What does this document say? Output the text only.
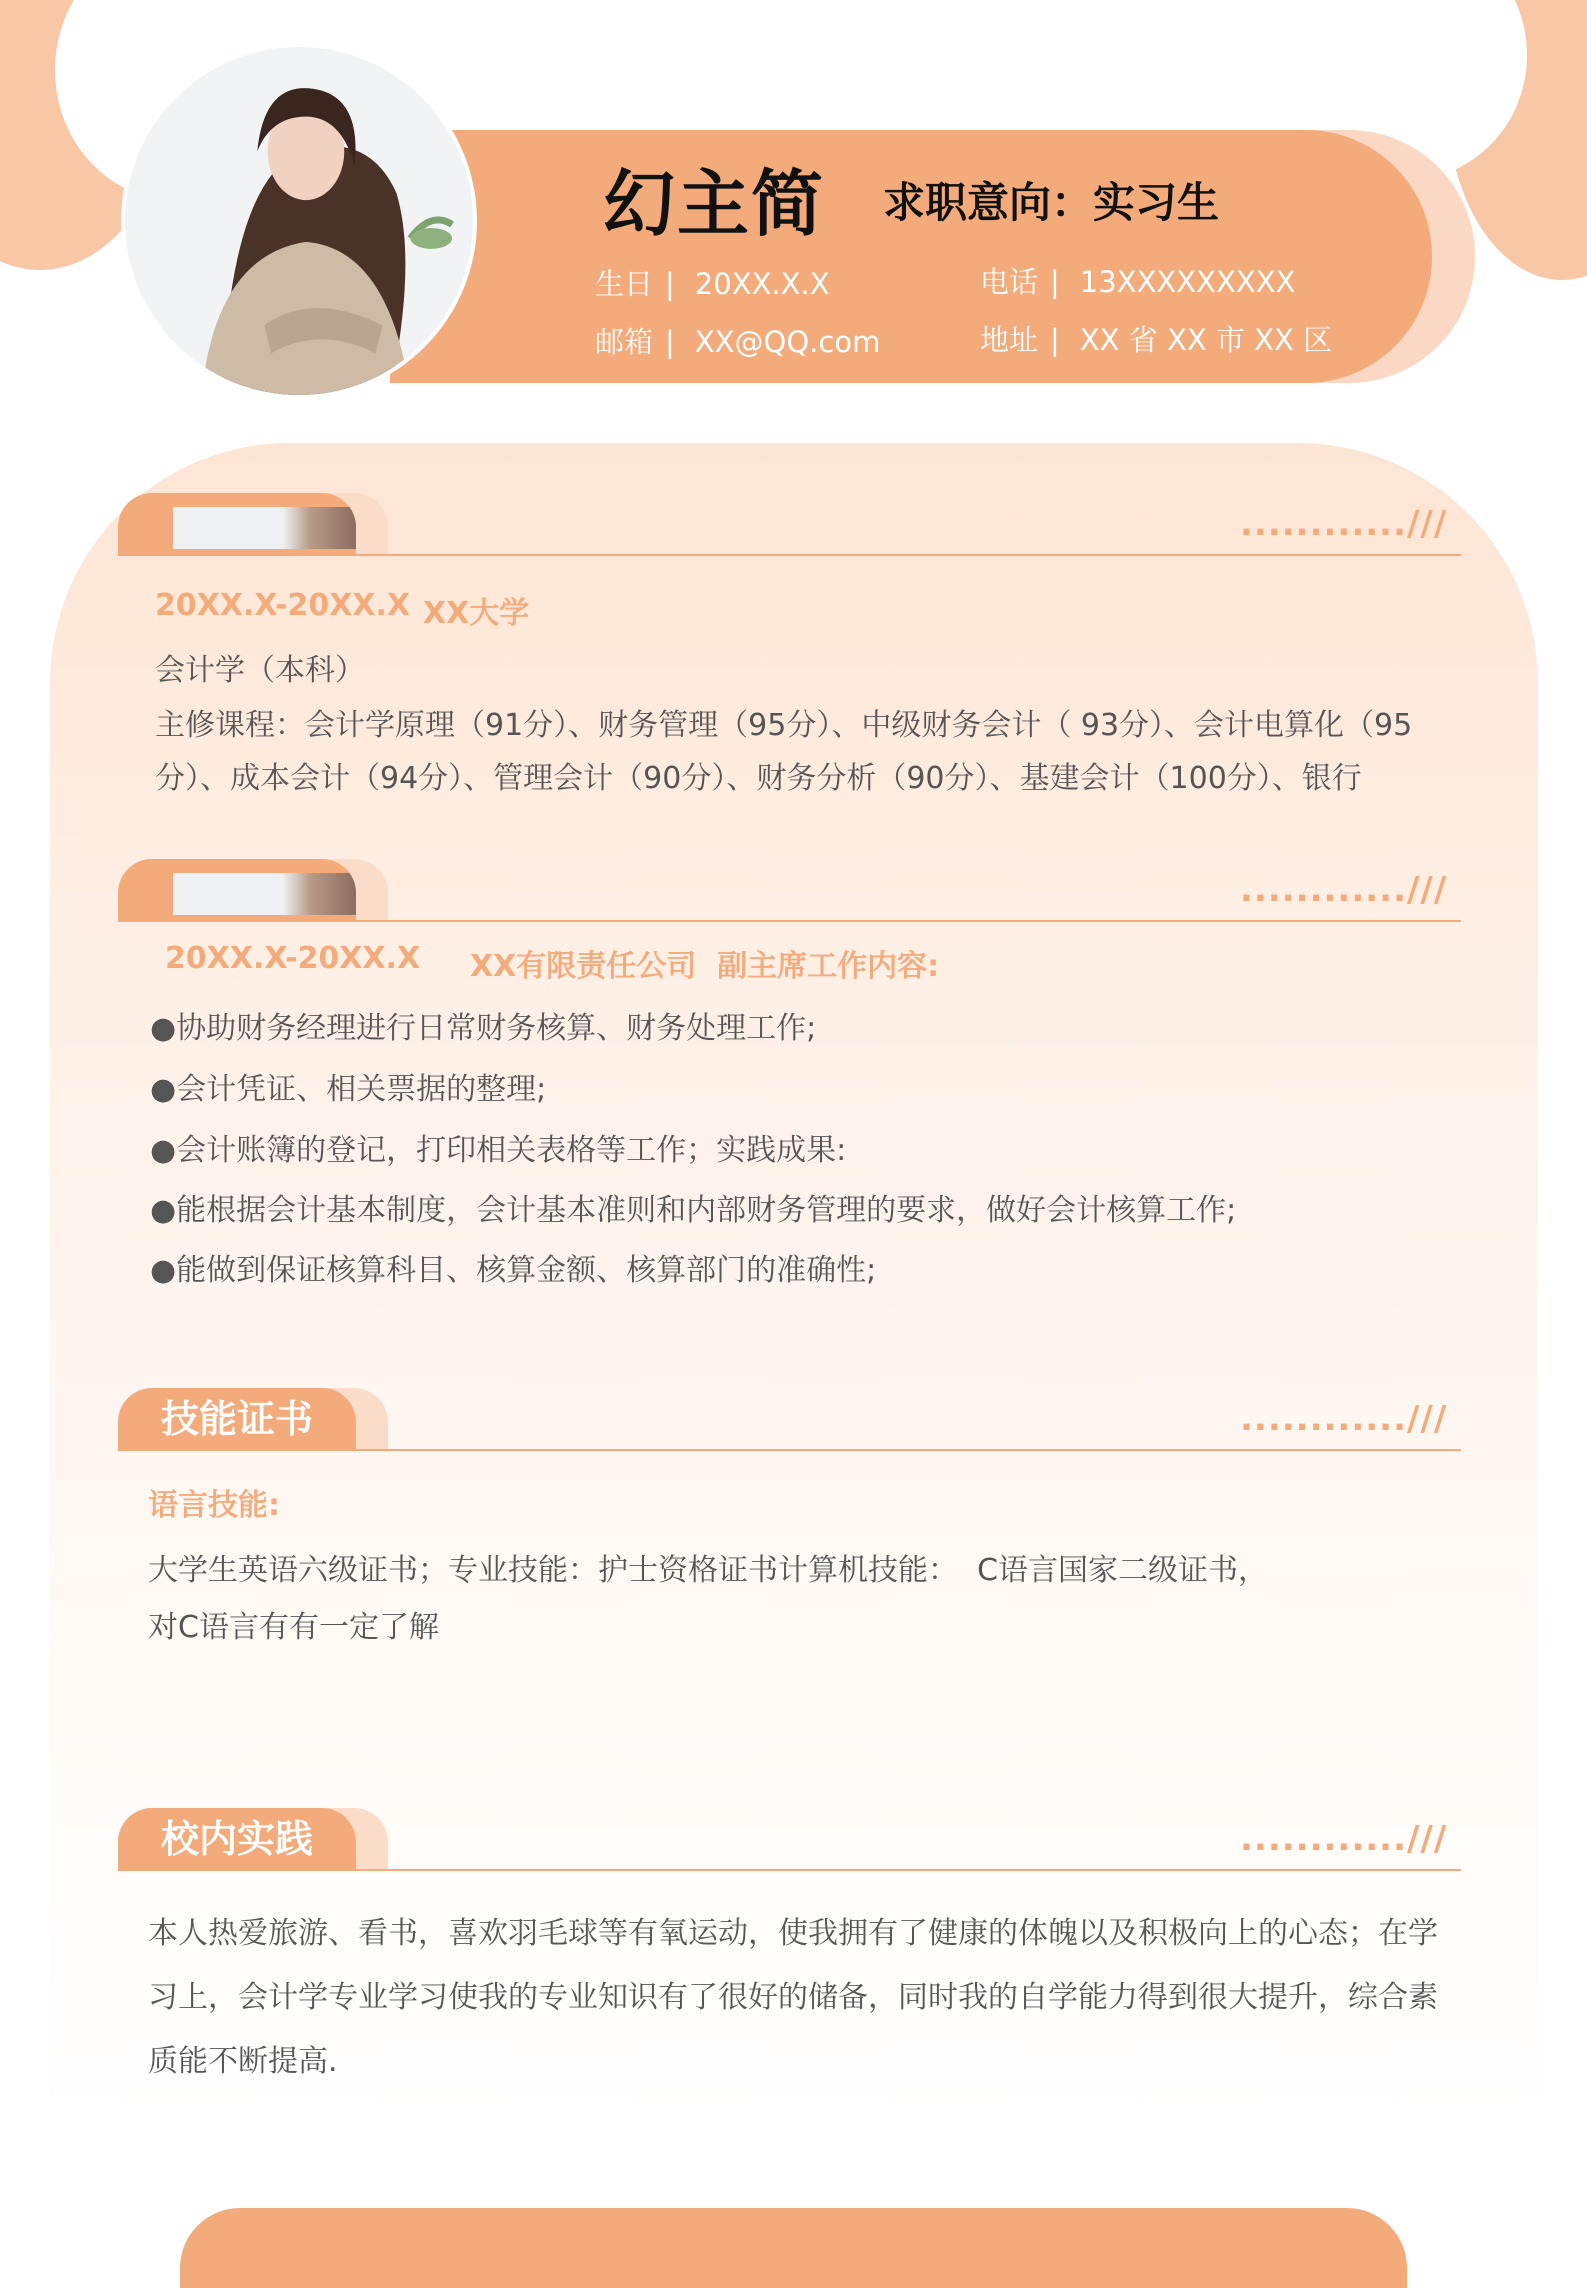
幻主简 求职意向：实习生
生日 | 20XX.X.X	电话 | 13XXXXXXXXX
邮箱 | XX@QQ.com	地址 | XX 省 XX 市 XX 区
............///
20XX.X-20XX.X XX大学
会计学（本科）
主修课程：会计学原理（91分）、财务管理（95分）、中级财务会计（ 93分）、会计电算化（95
分）、成本会计（94分）、管理会计（90分）、财务分析（90分）、基建会计（100分）、银行
............///
20XX.X-20XX.X XX有限责任公司  副主席工作内容:
●协助财务经理进行日常财务核算、财务处理工作;
●会计凭证、相关票据的整理;
●会计账簿的登记，打印相关表格等工作；实践成果:
●能根据会计基本制度，会计基本准则和内部财务管理的要求，做好会计核算工作;
●能做到保证核算科目、核算金额、核算部门的准确性;
技能证书	............///
语言技能:
大学生英语六级证书；专业技能：护士资格证书计算机技能：  C语言国家二级证书，
对C语言有有一定了解
校内实践	............///
本人热爱旅游、看书，喜欢羽毛球等有氧运动，使我拥有了健康的体魄以及积极向上的心态；在学
习上，会计学专业学习使我的专业知识有了很好的储备，同时我的自学能力得到很大提升，综合素
质能不断提高.
